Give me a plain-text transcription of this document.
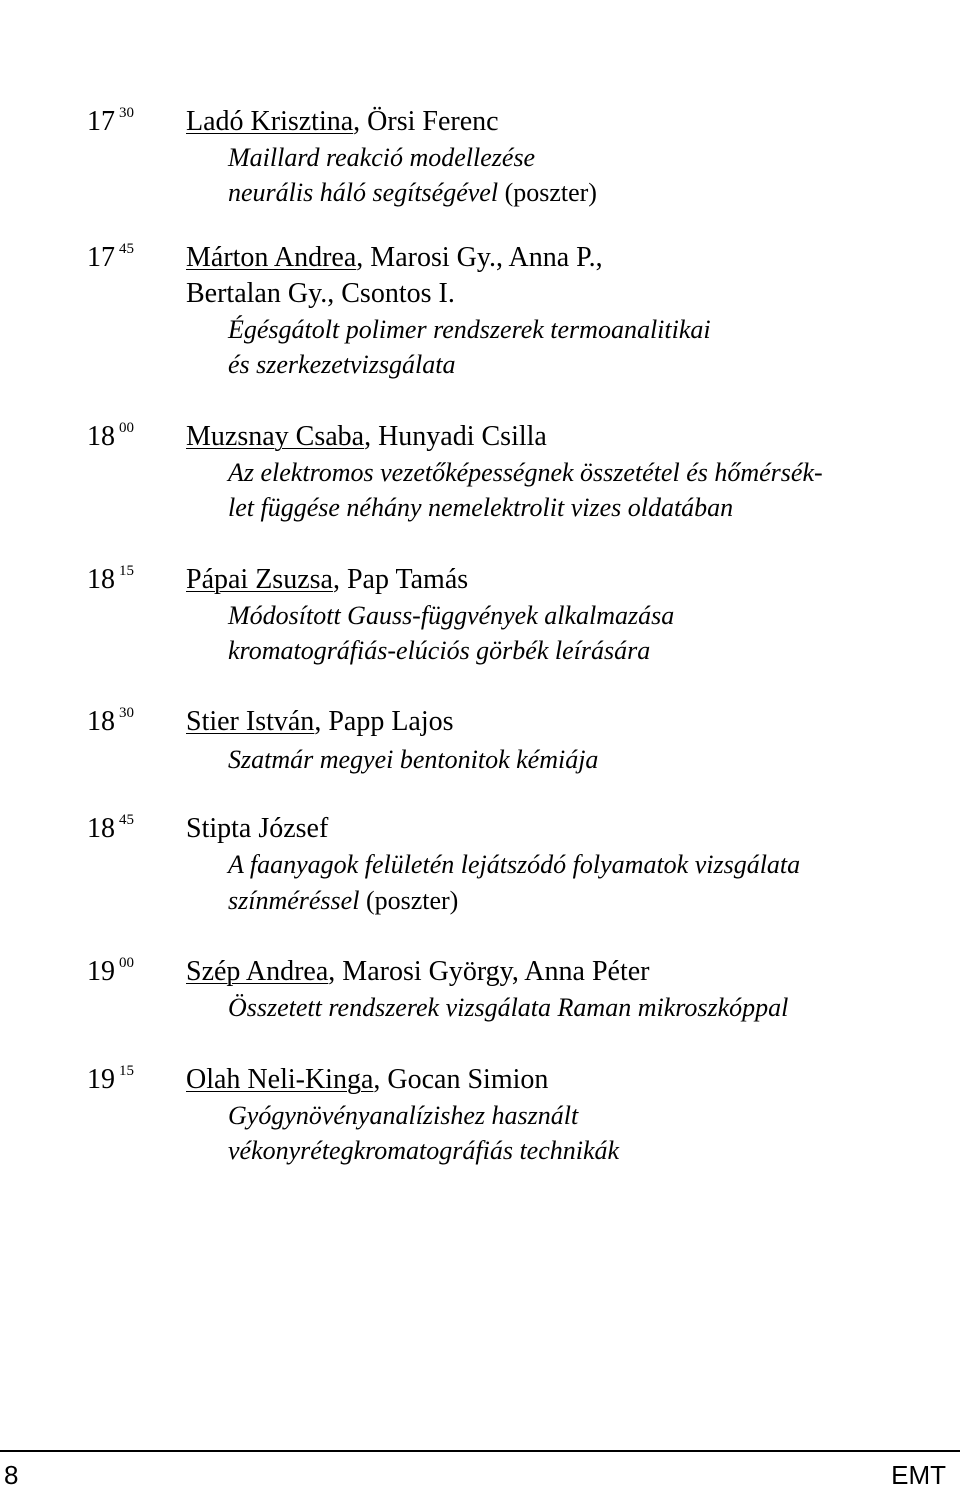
17 $^{30}$ Ladó Krisztina, Örsi Ferenc
Maillard reakció modellezése
neurális háló segítségével (poszter)
17 $^{45}$ Márton Andrea, Marosi Gy., Anna P.,
Bertalan Gy., Csontos I.
Égésgátolt polimer rendszerek termoanalitikai
és szerkezetvizsgálata
18 $^{00}$ Muzsnay Csaba, Hunyadi Csilla
Az elektromos vezetőképességnek összetétel és hőmérsék-
let függése néhány nemelektrolit vizes oldatában
18 $^{15}$ Pápai Zsuzsa, Pap Tamás
Módosított Gauss-függvények alkalmazása
kromatográfiás-elúciós görbék leírására
18 $^{30}$ Stier István, Papp Lajos
Szatmár megyei bentonitok kémiája
18 $^{45}$ Stipta József
A faanyagok felületén lejátszódó folyamatok vizsgálata
színméréssel (poszter)
19 $^{00}$ Szép Andrea, Marosi György, Anna Péter
Összetett rendszerek vizsgálata Raman mikroszkóppal
19 $^{15}$ Olah Neli-Kinga, Gocan Simion
Gyógynövényanalízishez használt
vékonyrétegkromatográfiás technikák
8	EMT
